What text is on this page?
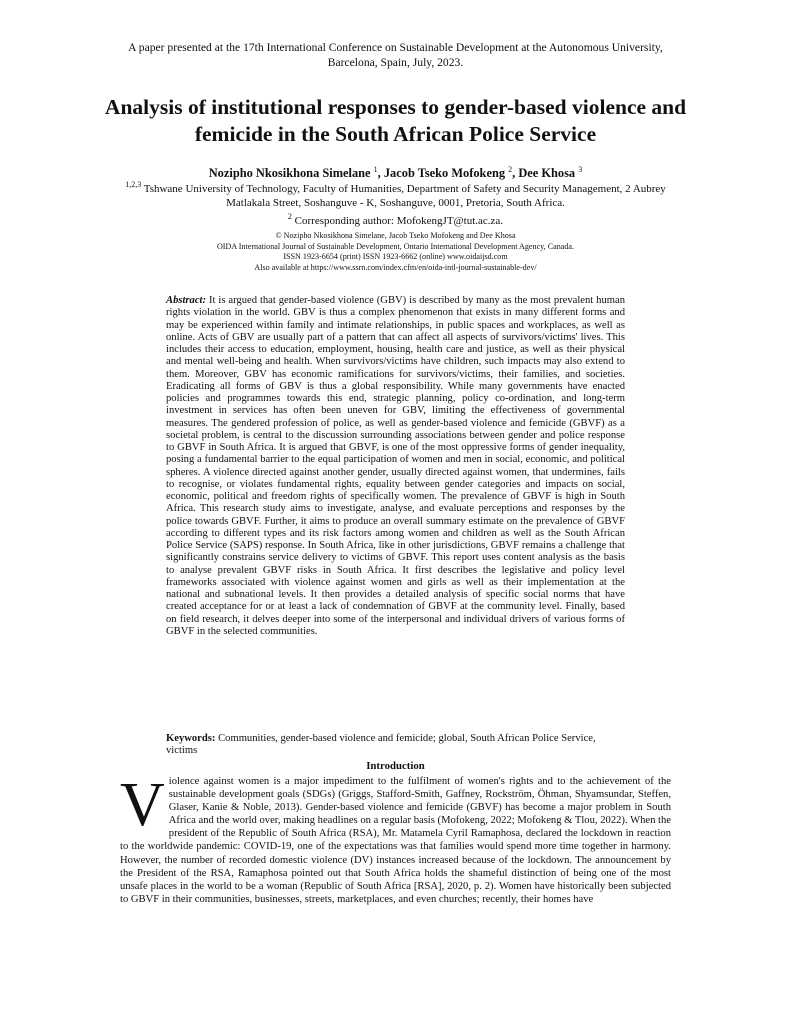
A paper presented at the 17th International Conference on Sustainable Development at the Autonomous University, Barcelona, Spain, July, 2023.
Analysis of institutional responses to gender-based violence and femicide in the South African Police Service
Nozipho Nkosikhona Simelane $^1$, Jacob Tseko Mofokeng $^2$, Dee Khosa $^3$
$^{1,2,3}$ Tshwane University of Technology, Faculty of Humanities, Department of Safety and Security Management, 2 Aubrey Matlakala Street, Soshanguve - K, Soshanguve, 0001, Pretoria, South Africa.
$^2$ Corresponding author: MofokengJT@tut.ac.za.
© Nozipho Nkosikhona Simelane, Jacob Tseko Mofokeng and Dee Khosa
OIDA International Journal of Sustainable Development, Ontario International Development Agency, Canada.
ISSN 1923-6654 (print) ISSN 1923-6662 (online) www.oidaijsd.com
Also available at https://www.ssrn.com/index.cfm/en/oida-intl-journal-sustainable-dev/
Abstract: It is argued that gender-based violence (GBV) is described by many as the most prevalent human rights violation in the world. GBV is thus a complex phenomenon that exists in many different forms and may be experienced within family and intimate relationships, in public spaces and workplaces, as well as online. Acts of GBV are usually part of a pattern that can affect all aspects of survivors/victims' lives. This includes their access to education, employment, housing, health care and justice, as well as their physical and mental well-being and health. When survivors/victims have children, such impacts may also extend to them. Moreover, GBV has economic ramifications for survivors/victims, their families, and societies. Eradicating all forms of GBV is thus a global responsibility. While many governments have enacted policies and programmes towards this end, strategic planning, policy co-ordination, and long-term investment in services has often been uneven for GBV, limiting the effectiveness of governmental measures. The gendered profession of police, as well as gender-based violence and femicide (GBVF) as a societal problem, is central to the discussion surrounding associations between gender and police response to GBVF in South Africa. It is argued that GBVF, is one of the most oppressive forms of gender inequality, posing a fundamental barrier to the equal participation of women and men in social, economic, and political spheres. A violence directed against another gender, usually directed against women, that undermines, fails to recognise, or violates fundamental rights, equality between gender categories and impacts on social, economic, political and freedom rights of specifically women. The prevalence of GBVF is high in South Africa. This research study aims to investigate, analyse, and evaluate perceptions and responses by the police towards GBVF. Further, it aims to produce an overall summary estimate on the prevalence of GBVF according to different types and its risk factors among women and children as well as the South African Police Service (SAPS) response. In South Africa, like in other jurisdictions, GBVF remains a challenge that significantly constrains service delivery to victims of GBVF. This report uses content analysis as the basis to analyse prevalent GBVF risks in South Africa. It first describes the legislative and policy level frameworks associated with violence against women and girls as well as their implementation at the national and subnational levels. It then provides a detailed analysis of specific social norms that have created acceptance for or at least a lack of condemnation of GBVF at the community level. Finally, based on field research, it delves deeper into some of the interpersonal and individual drivers of various forms of GBVF in the selected communities.
Keywords: Communities, gender-based violence and femicide; global, South African Police Service, victims
Introduction
V iolence against women is a major impediment to the fulfilment of women's rights and to the achievement of the sustainable development goals (SDGs) (Griggs, Stafford-Smith, Gaffney, Rockström, Öhman, Shyamsundar, Steffen, Glaser, Kanie & Noble, 2013). Gender-based violence and femicide (GBVF) has become a major problem in South Africa and the world over, making headlines on a regular basis (Mofokeng, 2022; Mofokeng & Tlou, 2022). When the president of the Republic of South Africa (RSA), Mr. Matamela Cyril Ramaphosa, declared the lockdown in reaction to the worldwide pandemic: COVID-19, one of the expectations was that families would spend more time together in harmony. However, the number of recorded domestic violence (DV) instances increased because of the lockdown. The announcement by the President of the RSA, Ramaphosa pointed out that South Africa holds the shameful distinction of being one of the most unsafe places in the world to be a woman (Republic of South Africa [RSA], 2020, p. 2). Women have historically been subjected to GBVF in their communities, businesses, streets, marketplaces, and even churches; recently, their homes have
